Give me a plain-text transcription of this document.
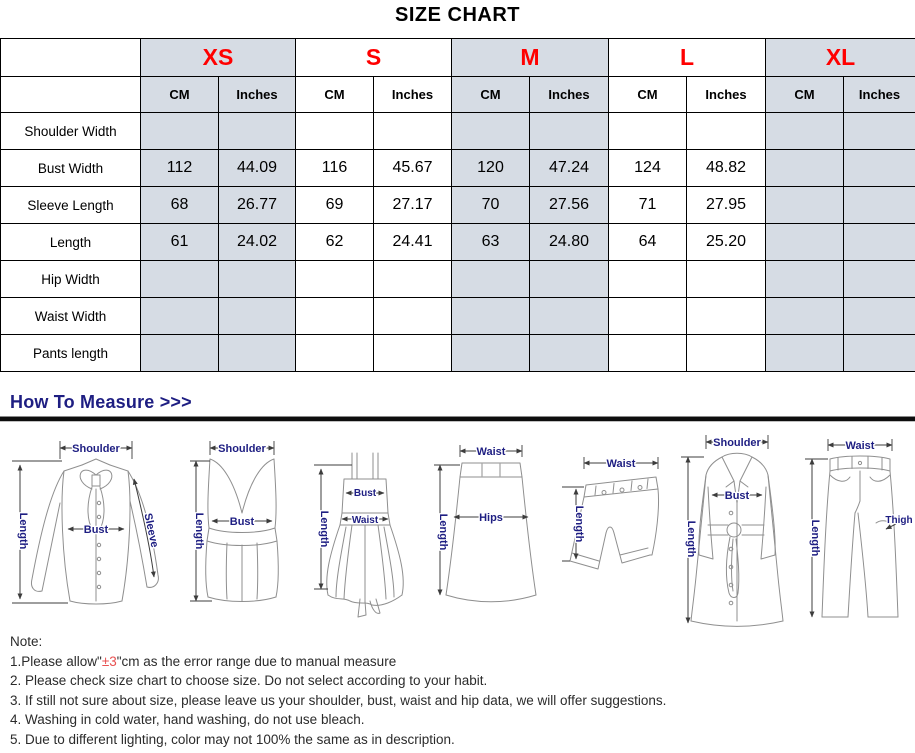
SIZE CHART
	XS		S		M		L		XL	
	CM	Inches	CM	Inches	CM	Inches	CM	Inches	CM	Inches
Shoulder Width										
Bust Width	112	44.09	116	45.67	120	47.24	124	48.82		
Sleeve Length	68	26.77	69	27.17	70	27.56	71	27.95		
Length	61	24.02	62	24.41	63	24.80	64	25.20		
Hip Width										
Waist Width										
Pants length										
How To Measure >>>
Shoulder
Length	Bust	Sleeve
Shoulder
Length Bust	Length
Bust
Waist
Waist
Hips
Length
Waist
Length
Shoulder
Bust
Length
Waist
Length	Thigh
Note:
1.Please allow"±3"cm as the error range due to manual measure
2. Please check size chart to choose size. Do not select according to your habit.
3. If still not sure about size, please leave us your shoulder, bust, waist and hip data, we will offer suggestions.
4. Washing in cold water, hand washing, do not use bleach.
5. Due to different lighting, color may not 100% the same as in description.
